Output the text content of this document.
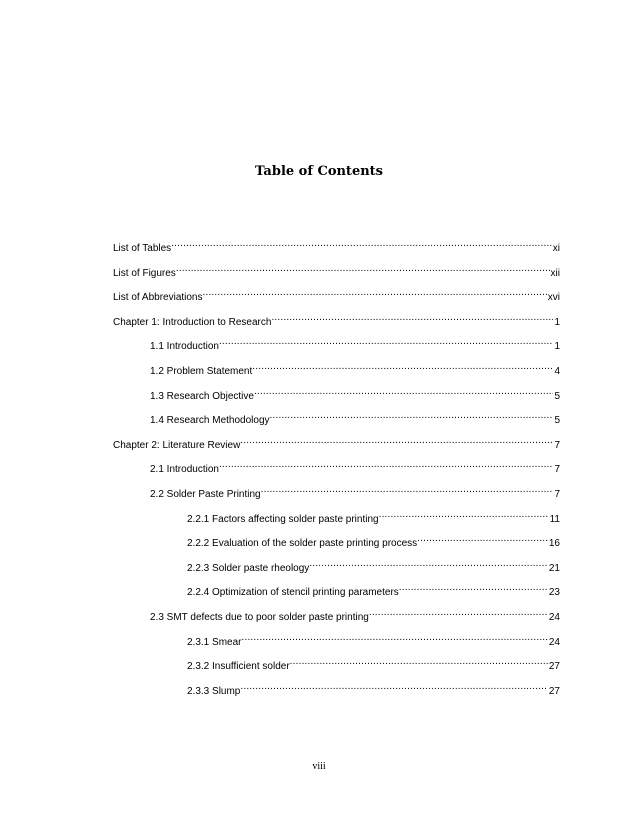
Table of Contents
List of Tables .....	xi
List of Figures .....	xii
List of Abbreviations .....	xvi
Chapter 1: Introduction to Research .....	1
1.1 Introduction .....	1
1.2 Problem Statement .....	4
1.3 Research Objective .....	5
1.4 Research Methodology .....	5
Chapter 2: Literature Review .....	7
2.1 Introduction .....	7
2.2 Solder Paste Printing .....	7
2.2.1 Factors affecting solder paste printing .....	11
2.2.2 Evaluation of the solder paste printing process .....	16
2.2.3 Solder paste rheology .....	21
2.2.4 Optimization of stencil printing parameters .....	23
2.3 SMT defects due to poor solder paste printing .....	24
2.3.1 Smear .....	24
2.3.2 Insufficient solder .....	27
2.3.3 Slump .....	27
viii
